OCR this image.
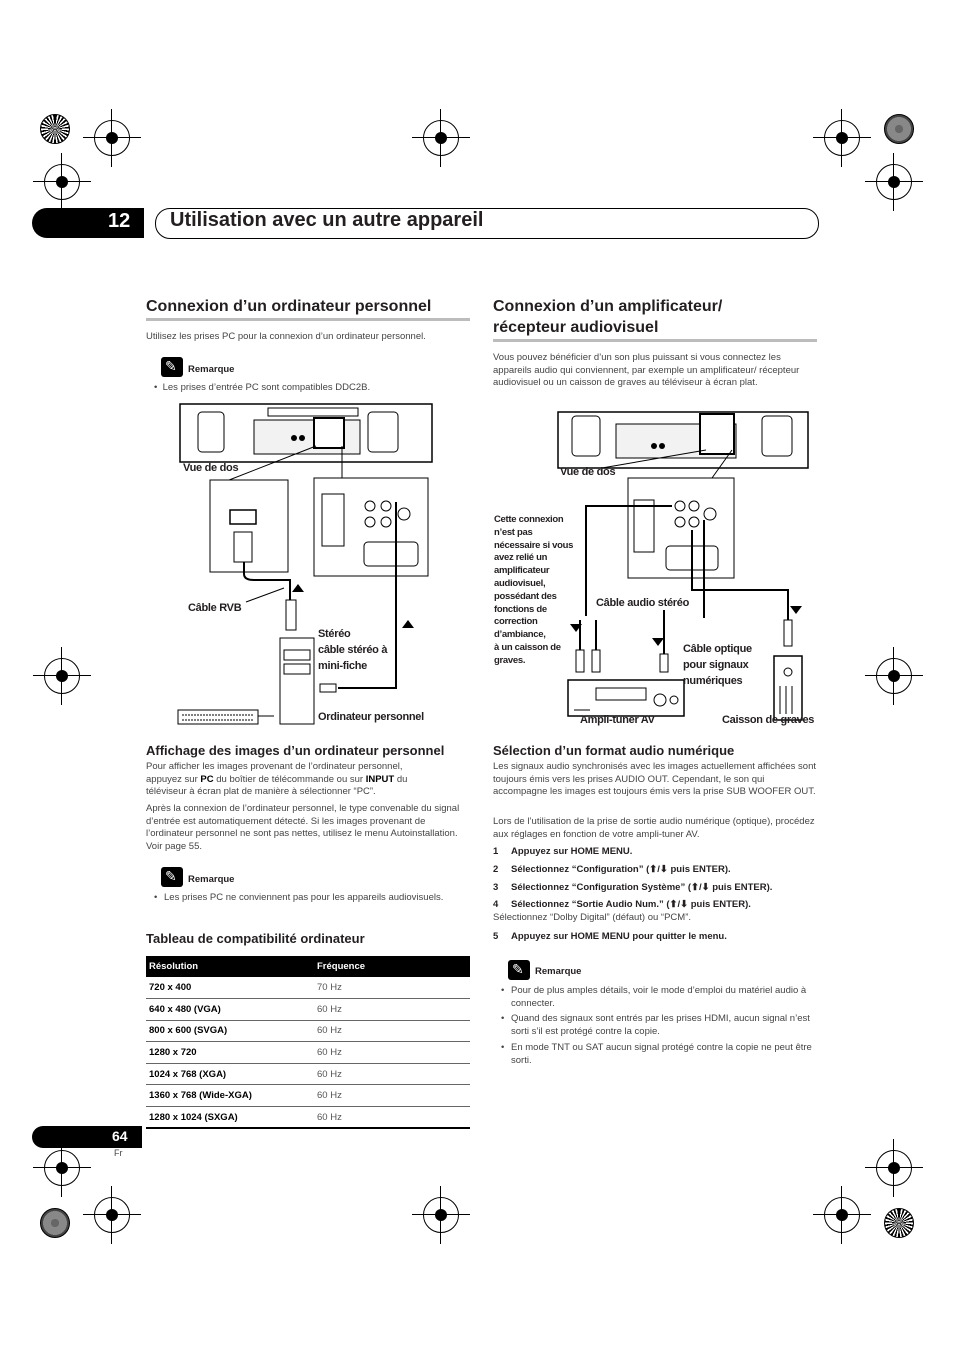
12 Utilisation avec un autre appareil
Connexion d’un ordinateur personnel

Utilisez les prises PC pour la connexion d’un ordinateur personnel.

✎
Remarque
•  Les prises d’entrée PC sont compatibles DDC2B.
Vue de dos
Câble RVB
Stéréo
câble stéréo à
mini-fiche
Ordinateur personnel
Affichage des images d’un ordinateur personnel

Pour afficher les images provenant de l’ordinateur personnel,
appuyez sur PC du boîtier de télécommande ou sur INPUT du
téléviseur à écran plat de manière à sélectionner “PC”.

Après la connexion de l’ordinateur personnel, le type convenable du signal d’entrée est automatiquement détecté. Si les images provenant de l’ordinateur personnel ne sont pas nettes, utilisez le menu Autoinstallation. Voir page 55.

✎
Remarque
• Les prises PC ne conviennent pas pour les appareils audiovisuels.
Tableau de compatibilité ordinateur
Résolution	Fréquence
720 x 400	70 Hz
640 x 480 (VGA)	60 Hz
800 x 600 (SVGA)	60 Hz
1280 x 720	60 Hz
1024 x 768 (XGA)	60 Hz
1360 x 768 (Wide-XGA)	60 Hz
1280 x 1024 (SXGA)	60 Hz
Connexion d’un amplificateur/
récepteur audiovisuel

Vous pouvez bénéficier d’un son plus puissant si vous connectez les appareils audio qui conviennent, par exemple un amplificateur/ récepteur audiovisuel ou un caisson de graves au téléviseur à écran plat.

Vue de dos
Cette connexion
n’est pas
nécessaire si vous
avez relié un
amplificateur
audiovisuel,
possédant des
fonctions de
correction
d’ambiance,
à un caisson de
graves.
Câble audio stéréo
Câble optique
pour signaux
numériques
Ampli-tuner AV	Caisson de graves
Sélection d’un format audio numérique

Les signaux audio synchronisés avec les images actuellement affichées sont toujours émis vers les prises AUDIO OUT. Cependant, le son qui accompagne les images est toujours émis vers la prise SUB WOOFER OUT.

Lors de l’utilisation de la prise de sortie audio numérique (optique), procédez aux réglages en fonction de votre ampli-tuner AV.

1 Appuyez sur HOME MENU.
2 Sélectionnez “Configuration” (⬆/⬇ puis ENTER).
3 Sélectionnez “Configuration Système” (⬆/⬇ puis ENTER).
4 Sélectionnez “Sortie Audio Num.” (⬆/⬇ puis ENTER).

Sélectionnez “Dolby Digital” (défaut) ou “PCM”.

5 Appuyez sur HOME MENU pour quitter le menu.
✎
Remarque
• Pour de plus amples détails, voir le mode d’emploi du matériel audio à connecter.
• Quand des signaux sont entrés par les prises HDMI, aucun signal n’est sorti s’il est protégé contre la copie.
• En mode TNT ou SAT aucun signal protégé contre la copie ne peut être sorti.
64
Fr
